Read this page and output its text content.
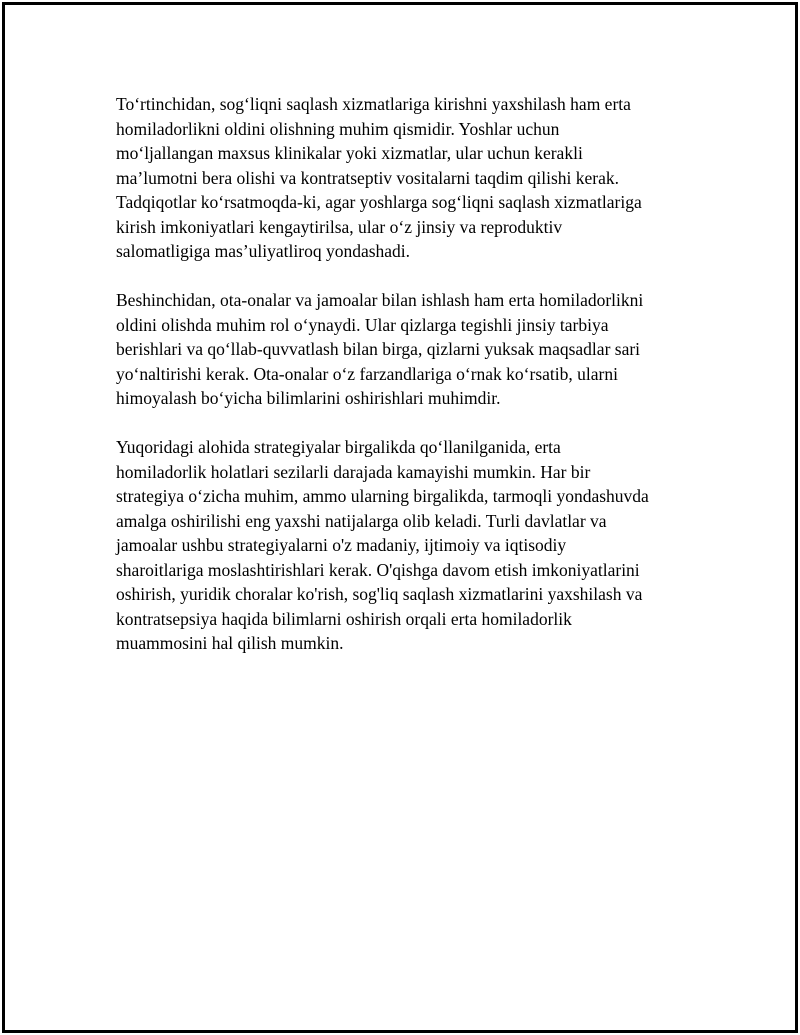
To‘rtinchidan, sog‘liqni saqlash xizmatlariga kirishni yaxshilash ham erta
homiladorlikni oldini olishning muhim qismidir. Yoshlar uchun
mo‘ljallangan maxsus klinikalar yoki xizmatlar, ular uchun kerakli
ma’lumotni bera olishi va kontratseptiv vositalarni taqdim qilishi kerak.
Tadqiqotlar ko‘rsatmoqda-ki, agar yoshlarga sog‘liqni saqlash xizmatlariga
kirish imkoniyatlari kengaytirilsa, ular o‘z jinsiy va reproduktiv
salomatligiga mas’uliyatliroq yondashadi.

Beshinchidan, ota-onalar va jamoalar bilan ishlash ham erta homiladorlikni
oldini olishda muhim rol o‘ynaydi. Ular qizlarga tegishli jinsiy tarbiya
berishlari va qo‘llab-quvvatlash bilan birga, qizlarni yuksak maqsadlar sari
yo‘naltirishi kerak. Ota-onalar o‘z farzandlariga o‘rnak ko‘rsatib, ularni
himoyalash bo‘yicha bilimlarini oshirishlari muhimdir.

Yuqoridagi alohida strategiyalar birgalikda qo‘llanilganida, erta
homiladorlik holatlari sezilarli darajada kamayishi mumkin. Har bir
strategiya o‘zicha muhim, ammo ularning birgalikda, tarmoqli yondashuvda
amalga oshirilishi eng yaxshi natijalarga olib keladi. Turli davlatlar va
jamoalar ushbu strategiyalarni o'z madaniy, ijtimoiy va iqtisodiy
sharoitlariga moslashtirishlari kerak. O'qishga davom etish imkoniyatlarini
oshirish, yuridik choralar ko'rish, sog'liq saqlash xizmatlarini yaxshilash va
kontratsepsiya haqida bilimlarni oshirish orqali erta homiladorlik
muammosini hal qilish mumkin.
